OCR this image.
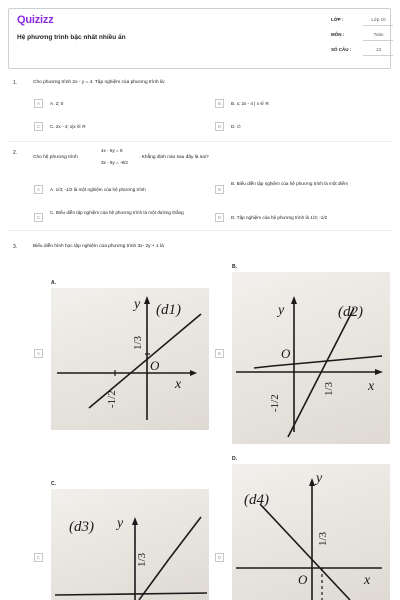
Quizizz
Hệ phương trình bậc nhất nhiều ẩn
LỚP :	Lớp 10
MÔN :	Toán
SỐ CÂU :	13
1.	Cho phương trình 2x - y = 4. Tập nghiệm của phương trình là:
A	A. 2; 0	B	B. x; 2x - 4 | x ∈ R
C	C. 2x - 4; x|x ∈ R	D	D. ∅
2.
Cho hệ phương trình
4x - 6y = 8
3x - 6y = -9/2
. Khẳng định nào sau đây là sai?
A	A. 1/3; -1/2 là một nghiệm của hệ phương trình	B
B. Biểu diễn tập nghiệm của hệ phương trình là một điểm
C
C. Biểu diễn tập nghiệm của hệ phương trình là một đường thẳng
D	D. Tập nghiệm của hệ phương trình là 1/3; -1/2
3.	Biểu diễn hình học tập nghiệm của phương trình 3x- 2y + 1 là
A.
A
(d1)
y
x
O
1/3
-1/2
B.
B
(d2)
y
x
O
-1/2
1/3
C.
C
(d3) y
1/3
D.
D
(d4)
y
x
O
1/3
